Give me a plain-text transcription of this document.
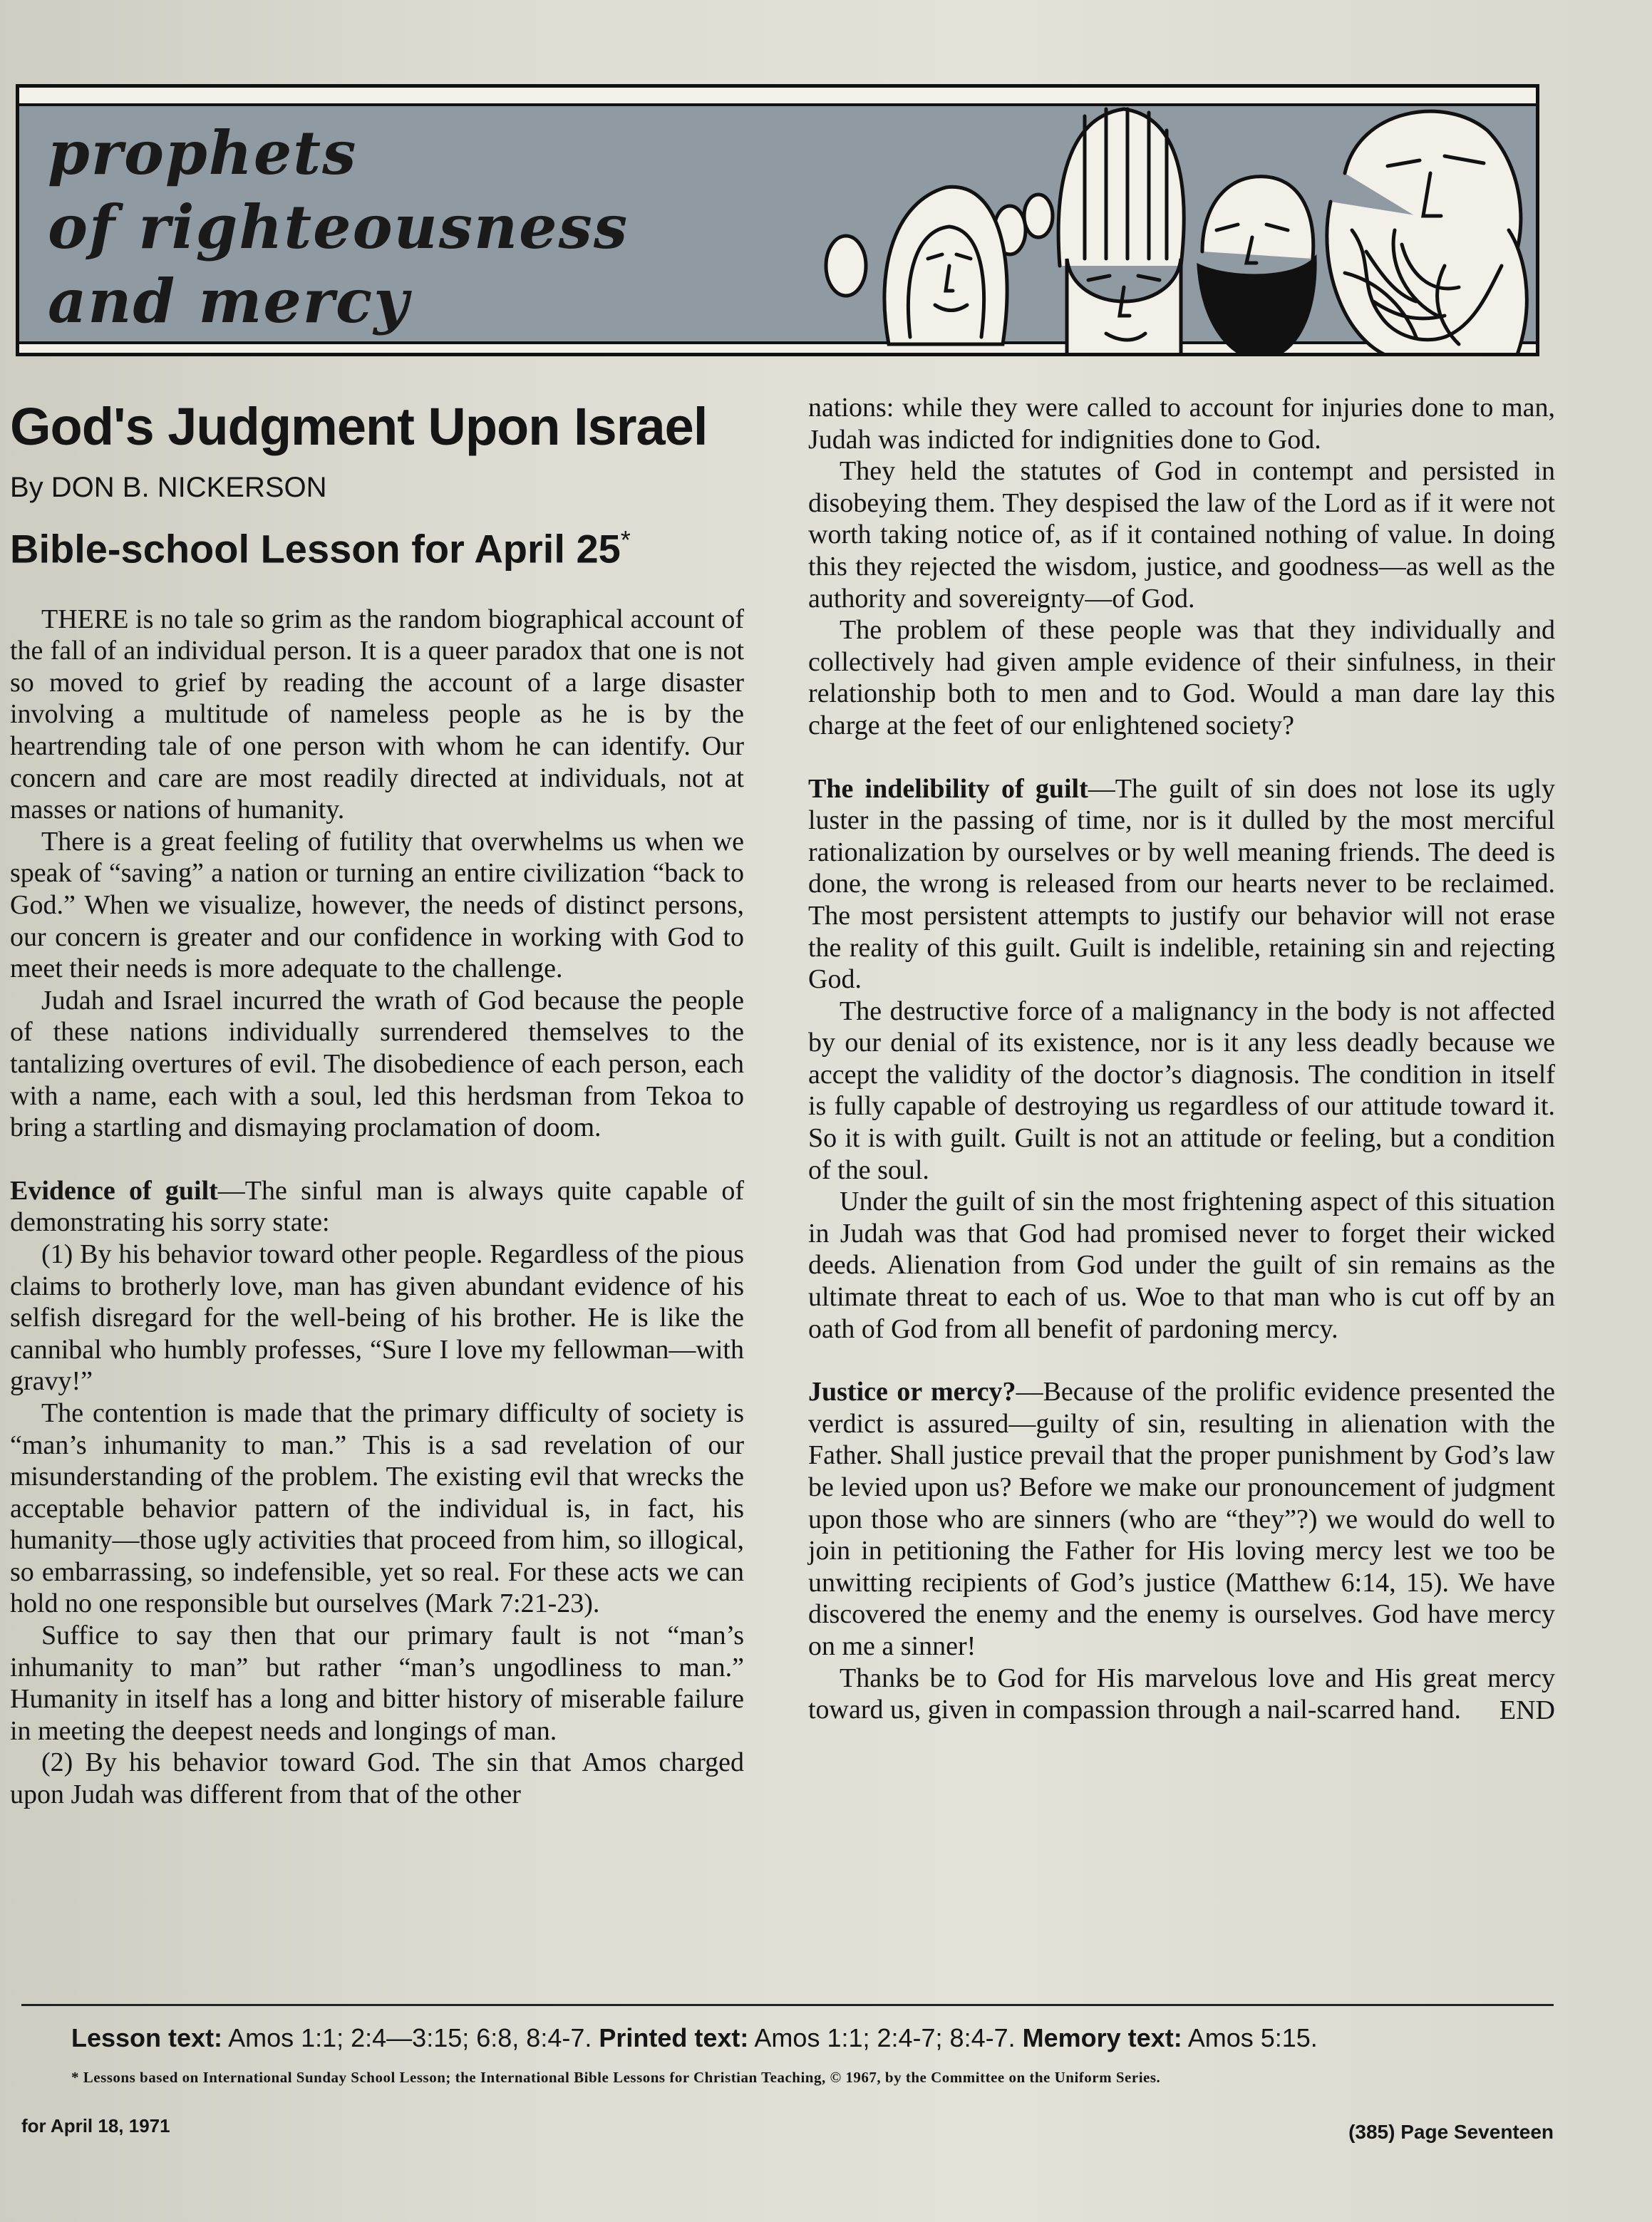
prophets
of righteousness
and mercy
God's Judgment Upon Israel
By DON B. NICKERSON
Bible-school Lesson for April 25*

THERE is no tale so grim as the random biographical account of the fall of an individual person. It is a queer paradox that one is not so moved to grief by reading the account of a large disaster involving a multitude of nameless people as he is by the heartrending tale of one person with whom he can identify. Our concern and care are most readily directed at individuals, not at masses or nations of humanity.

There is a great feeling of futility that overwhelms us when we speak of “saving” a nation or turning an entire civilization “back to God.” When we visualize, however, the needs of distinct persons, our concern is greater and our confidence in working with God to meet their needs is more adequate to the challenge.

Judah and Israel incurred the wrath of God because the people of these nations individually surrendered themselves to the tantalizing overtures of evil. The disobedience of each person, each with a name, each with a soul, led this herdsman from Tekoa to bring a startling and dismaying proclamation of doom.

Evidence of guilt—The sinful man is always quite capable of demonstrating his sorry state:

(1) By his behavior toward other people. Regardless of the pious claims to brotherly love, man has given abundant evidence of his selfish disregard for the well-being of his brother. He is like the cannibal who humbly professes, “Sure I love my fellowman—with gravy!”

The contention is made that the primary difficulty of society is “man’s inhumanity to man.” This is a sad revelation of our misunderstanding of the problem. The existing evil that wrecks the acceptable behavior pattern of the individual is, in fact, his humanity—those ugly activities that proceed from him, so illogical, so embarrassing, so indefensible, yet so real. For these acts we can hold no one responsible but ourselves (Mark 7:21-23).

Suffice to say then that our primary fault is not “man’s inhumanity to man” but rather “man’s ungodliness to man.” Humanity in itself has a long and bitter history of miserable failure in meeting the deepest needs and longings of man.

(2) By his behavior toward God. The sin that Amos charged upon Judah was different from that of the other

nations: while they were called to account for injuries done to man, Judah was indicted for indignities done to God.

They held the statutes of God in contempt and persisted in disobeying them. They despised the law of the Lord as if it were not worth taking notice of, as if it contained nothing of value. In doing this they rejected the wisdom, justice, and goodness—as well as the authority and sovereignty—of God.

The problem of these people was that they individually and collectively had given ample evidence of their sinfulness, in their relationship both to men and to God. Would a man dare lay this charge at the feet of our enlightened society?

The indelibility of guilt—The guilt of sin does not lose its ugly luster in the passing of time, nor is it dulled by the most merciful rationalization by ourselves or by well meaning friends. The deed is done, the wrong is released from our hearts never to be reclaimed. The most persistent attempts to justify our behavior will not erase the reality of this guilt. Guilt is indelible, retaining sin and rejecting God.

The destructive force of a malignancy in the body is not affected by our denial of its existence, nor is it any less deadly because we accept the validity of the doctor’s diagnosis. The condition in itself is fully capable of destroying us regardless of our attitude toward it. So it is with guilt. Guilt is not an attitude or feeling, but a condition of the soul.

Under the guilt of sin the most frightening aspect of this situation in Judah was that God had promised never to forget their wicked deeds. Alienation from God under the guilt of sin remains as the ultimate threat to each of us. Woe to that man who is cut off by an oath of God from all benefit of pardoning mercy.

Justice or mercy?—Because of the prolific evidence presented the verdict is assured—guilty of sin, resulting in alienation with the Father. Shall justice prevail that the proper punishment by God’s law be levied upon us? Before we make our pronouncement of judgment upon those who are sinners (who are “they”?) we would do well to join in petitioning the Father for His loving mercy lest we too be unwitting recipients of God’s justice (Matthew 6:14, 15). We have discovered the enemy and the enemy is ourselves. God have mercy on me a sinner!

Thanks be to God for His marvelous love and His great mercy toward us, given in compassion through a nail-scarred hand.	END
Lesson text: Amos 1:1; 2:4—3:15; 6:8, 8:4-7. Printed text: Amos 1:1; 2:4-7; 8:4-7. Memory text: Amos 5:15.
* Lessons based on International Sunday School Lesson; the International Bible Lessons for Christian Teaching, © 1967, by the Committee on the Uniform Series.
for April 18, 1971	(385) Page Seventeen
